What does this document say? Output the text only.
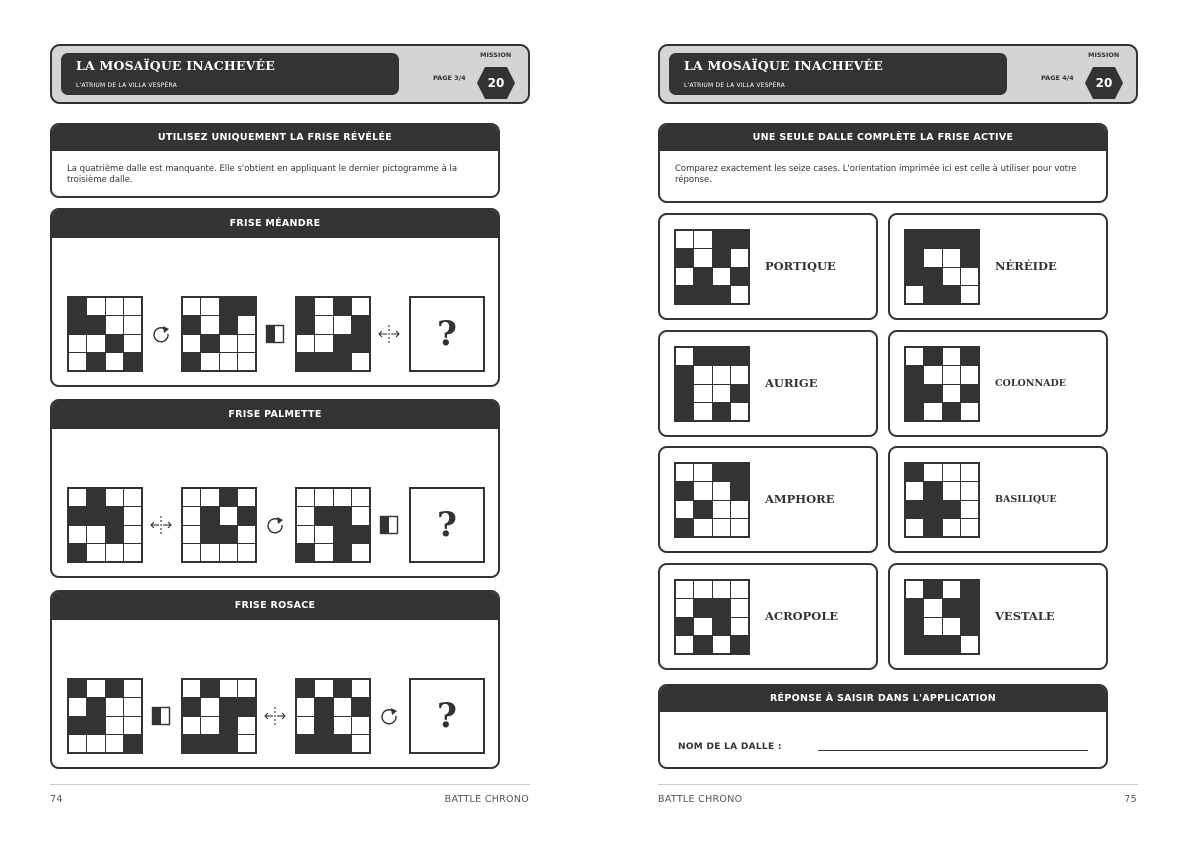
LA MOSAÏQUE INACHEVÉE
L'ATRIUM DE LA VILLA VESPÉRA
MISSION
PAGE 3/4	20
UTILISEZ UNIQUEMENT LA FRISE RÉVÉLÉE
La quatrième dalle est manquante. Elle s'obtient en appliquant le dernier pictogramme à la troisième dalle.
FRISE MÉANDRE
?
FRISE PALMETTE
?
FRISE ROSACE
?
74	BATTLE CHRONO
LA MOSAÏQUE INACHEVÉE
L'ATRIUM DE LA VILLA VESPÉRA
MISSION
PAGE 4/4	20
UNE SEULE DALLE COMPLÈTE LA FRISE ACTIVE
Comparez exactement les seize cases. L'orientation imprimée ici est celle à utiliser pour votre réponse.
PORTIQUE	NÉRÉIDE
AURIGE	COLONNADE
AMPHORE	BASILIQUE
ACROPOLE	VESTALE
RÉPONSE À SAISIR DANS L'APPLICATION
NOM DE LA DALLE :
BATTLE CHRONO	75
